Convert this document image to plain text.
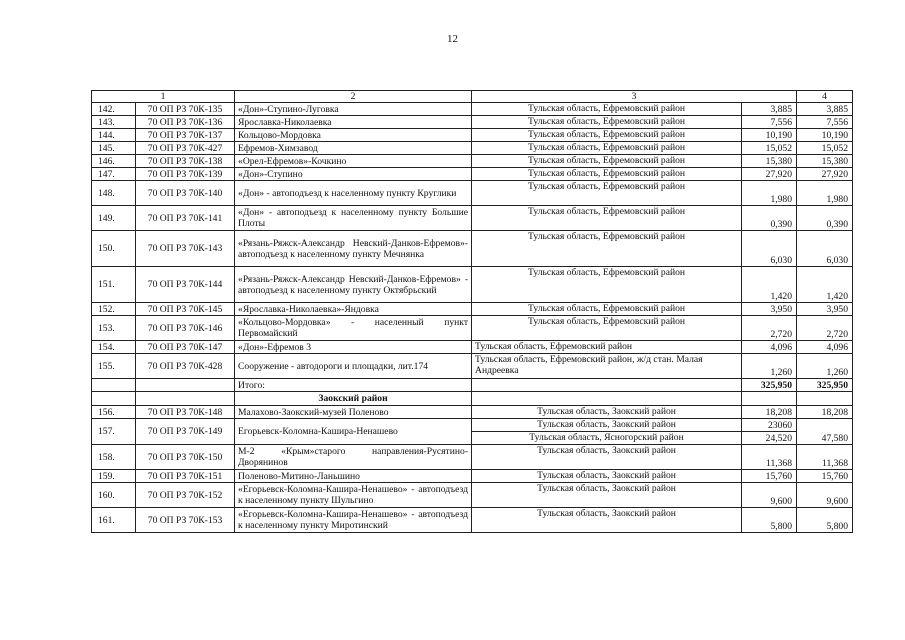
12
1		2	3		4
142.	70 ОП РЗ 70К-135	«Дон»-Ступино-Луговка	Тульская область, Ефремовский район	3,885	3,885
143.	70 ОП РЗ 70К-136	Ярославка-Николаевка	Тульская область, Ефремовский район	7,556	7,556
144.	70 ОП РЗ 70К-137	Кольцово-Мордовка	Тульская область, Ефремовский район	10,190	10,190
145.	70 ОП РЗ 70К-427	Ефремов-Химзавод	Тульская область, Ефремовский район	15,052	15,052
146.	70 ОП РЗ 70К-138	«Орел-Ефремов»-Кочкино	Тульская область, Ефремовский район	15,380	15,380
147.	70 ОП РЗ 70К-139	«Дон»-Ступино	Тульская область, Ефремовский район	27,920	27,920
148.	70 ОП РЗ 70К-140	«Дон» - автоподъезд к населенному пункту Круглики	Тульская область, Ефремовский район	1,980	1,980
149.	70 ОП РЗ 70К-141	«Дон» - автоподъезд к населенному пункту Большие Плоты	Тульская область, Ефремовский район	0,390	0,390
150.	70 ОП РЗ 70К-143	«Рязань-Ряжск-Александр Невский-Данков-Ефремов»-автоподъезд к населенному пункту Мечнянка	Тульская область, Ефремовский район	6,030	6,030
151.	70 ОП РЗ 70К-144	«Рязань-Ряжск-Александр Невский-Данков-Ефремов» - автоподъезд к населенному пункту Октябрьский	Тульская область, Ефремовский район	1,420	1,420
152.	70 ОП РЗ 70К-145	«Ярославка-Николаевка»-Яндовка	Тульская область, Ефремовский район	3,950	3,950
153.	70 ОП РЗ 70К-146	«Кольцово-Мордовка» - населенный пункт Первомайский	Тульская область, Ефремовский район	2,720	2,720
154.	70 ОП РЗ 70К-147	«Дон»-Ефремов 3	Тульская область, Ефремовский район	4,096	4,096
155.	70 ОП РЗ 70К-428	Сооружение - автодороги и площадки, лит.174	Тульская область, Ефремовский район, ж/д стан. Малая Андреевка	1,260	1,260
		Итого:		325,950	325,950
		Заокский район			
156.	70 ОП РЗ 70К-148	Малахово-Заокский-музей Поленово	Тульская область, Заокский район	18,208	18,208
157.	70 ОП РЗ 70К-149	Егорьевск-Коломна-Кашира-Ненашево	Тульская область, Заокский район	23060	47,580
			Тульская область, Ясногорский район	24,520	
158.	70 ОП РЗ 70К-150	М-2 «Крым»старого направления-Русятино-Дворянинов	Тульская область, Заокский район	11,368	11,368
159.	70 ОП РЗ 70К-151	Поленово-Митино-Ланьшино	Тульская область, Заокский район	15,760	15,760
160.	70 ОП РЗ 70К-152	«Егорьевск-Коломна-Кашира-Ненашево» - автоподъезд к населенному пункту Шульгино	Тульская область, Заокский район	9,600	9,600
161.	70 ОП РЗ 70К-153	«Егорьевск-Коломна-Кашира-Ненашево» - автоподъезд к населенному пункту Миротинский	Тульская область, Заокский район	5,800	5,800
